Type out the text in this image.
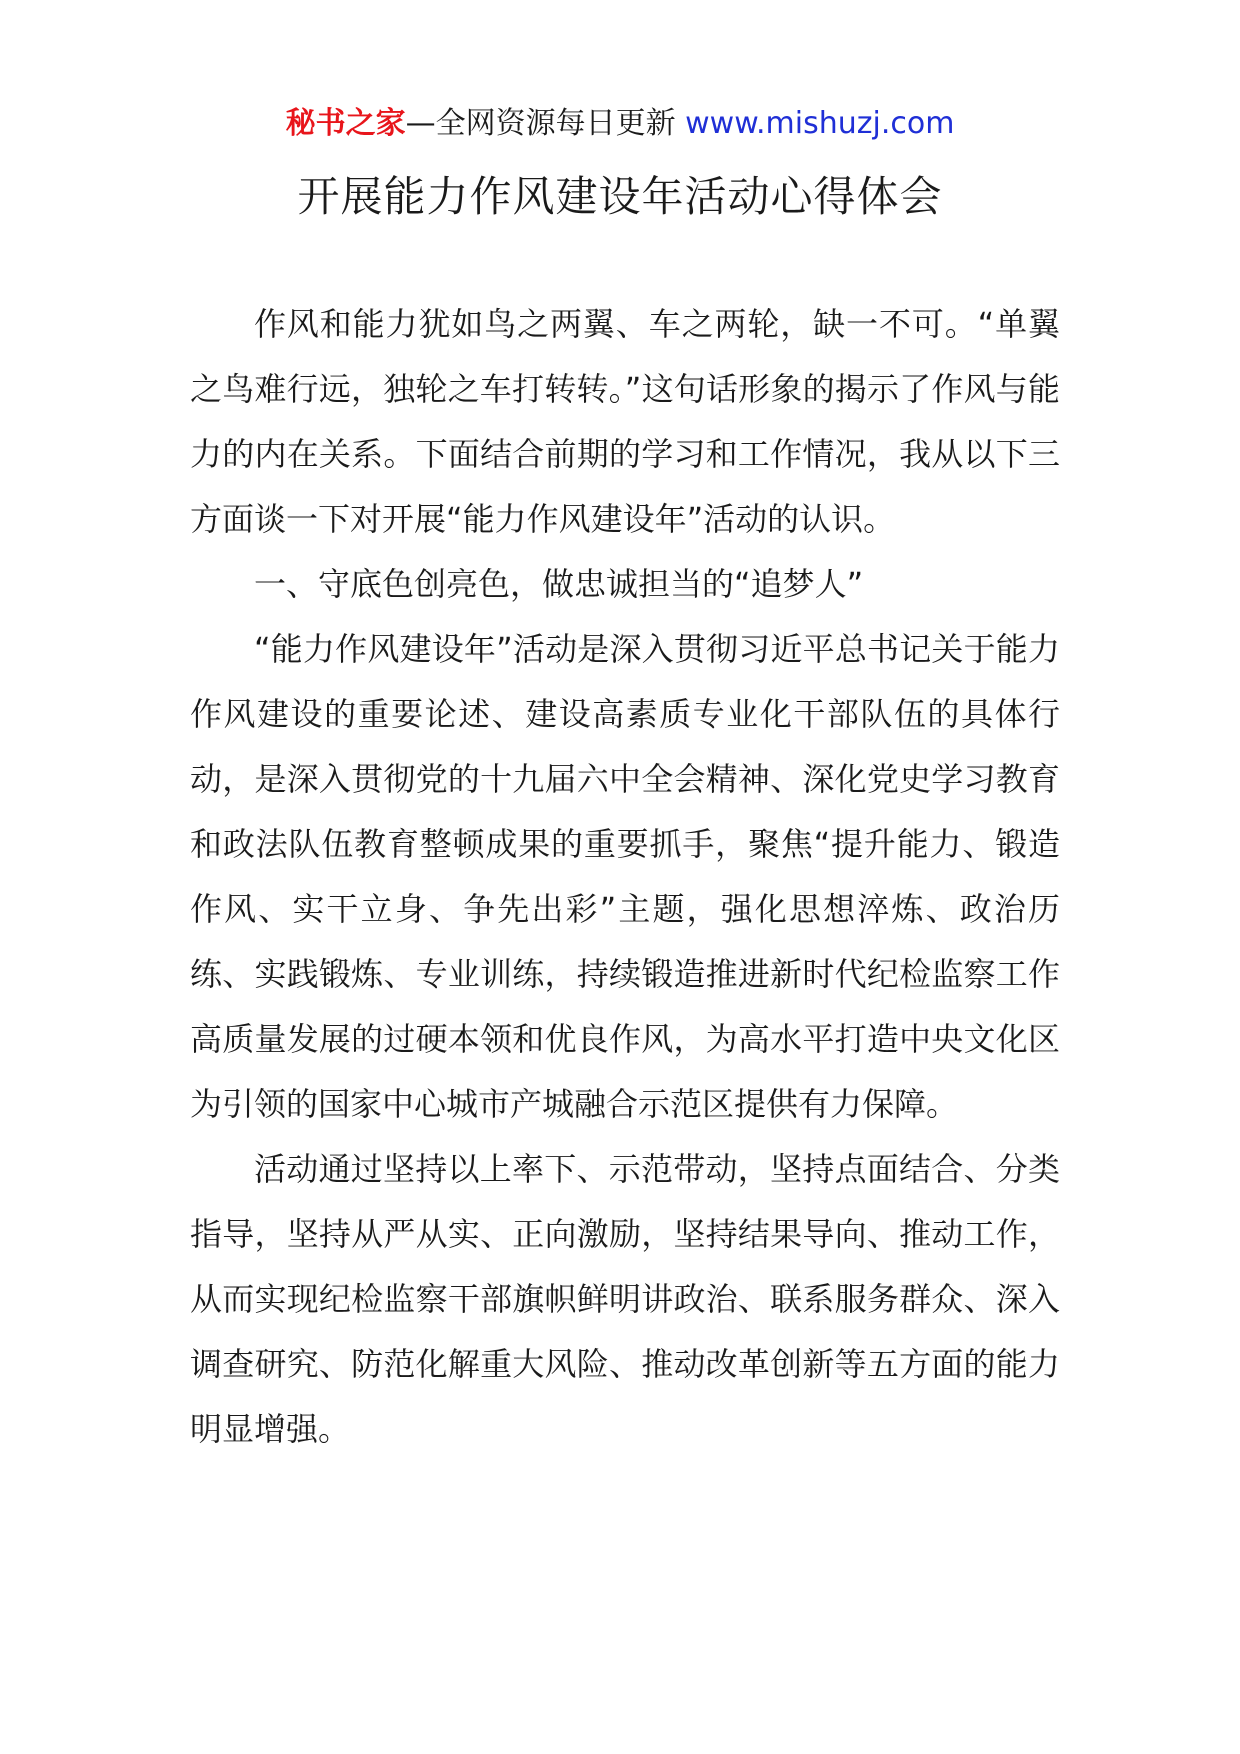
秘书之家—全网资源每日更新 www.mishuzj.com
开展能力作风建设年活动心得体会

作风和能力犹如鸟之两翼、车之两轮，缺一不可。“单翼之鸟难行远，独轮之车打转转。”这句话形象的揭示了作风与能力的内在关系。下面结合前期的学习和工作情况，我从以下三方面谈一下对开展“能力作风建设年”活动的认识。

一、守底色创亮色，做忠诚担当的“追梦人”

“能力作风建设年”活动是深入贯彻习近平总书记关于能力作风建设的重要论述、建设高素质专业化干部队伍的具体行动，是深入贯彻党的十九届六中全会精神、深化党史学习教育和政法队伍教育整顿成果的重要抓手，聚焦“提升能力、锻造作风、实干立身、争先出彩”主题，强化思想淬炼、政治历练、实践锻炼、专业训练，持续锻造推进新时代纪检监察工作高质量发展的过硬本领和优良作风，为高水平打造中央文化区为引领的国家中心城市产城融合示范区提供有力保障。

活动通过坚持以上率下、示范带动，坚持点面结合、分类指导，坚持从严从实、正向激励，坚持结果导向、推动工作，从而实现纪检监察干部旗帜鲜明讲政治、联系服务群众、深入调查研究、防范化解重大风险、推动改革创新等五方面的能力明显增强。
